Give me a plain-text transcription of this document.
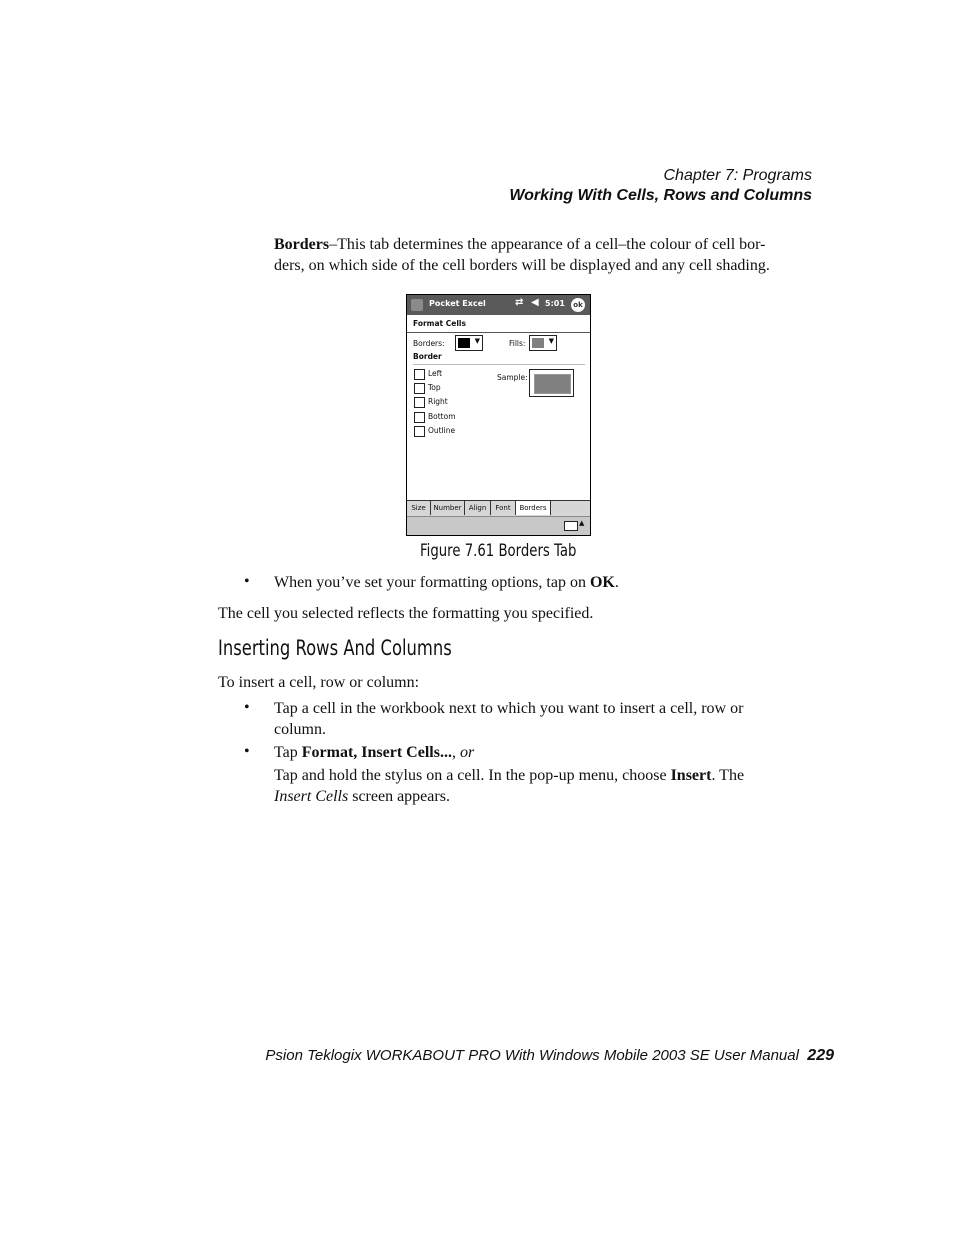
Chapter 7: Programs
Working With Cells, Rows and Columns
Borders–This tab determines the appearance of a cell–the colour of cell bor-
ders, on which side of the cell borders will be displayed and any cell shading.
Pocket Excel	⇄ ◀︎ 5:01	ok
Format Cells
Borders:	▼	Fills:	▼
Border
Left
Top
Right
Bottom
Outline
Sample:
Size	Number	Align	Font	Borders
▲
Figure 7.61 Borders Tab
• When you’ve set your formatting options, tap on OK.
The cell you selected reflects the formatting you specified.
Inserting Rows And Columns
To insert a cell, row or column:
• Tap a cell in the workbook next to which you want to insert a cell, row or
column.
• Tap Format, Insert Cells..., or
Tap and hold the stylus on a cell. In the pop-up menu, choose Insert. The
Insert Cells screen appears.
Psion Teklogix WORKABOUT PRO With Windows Mobile 2003 SE User Manual 229
